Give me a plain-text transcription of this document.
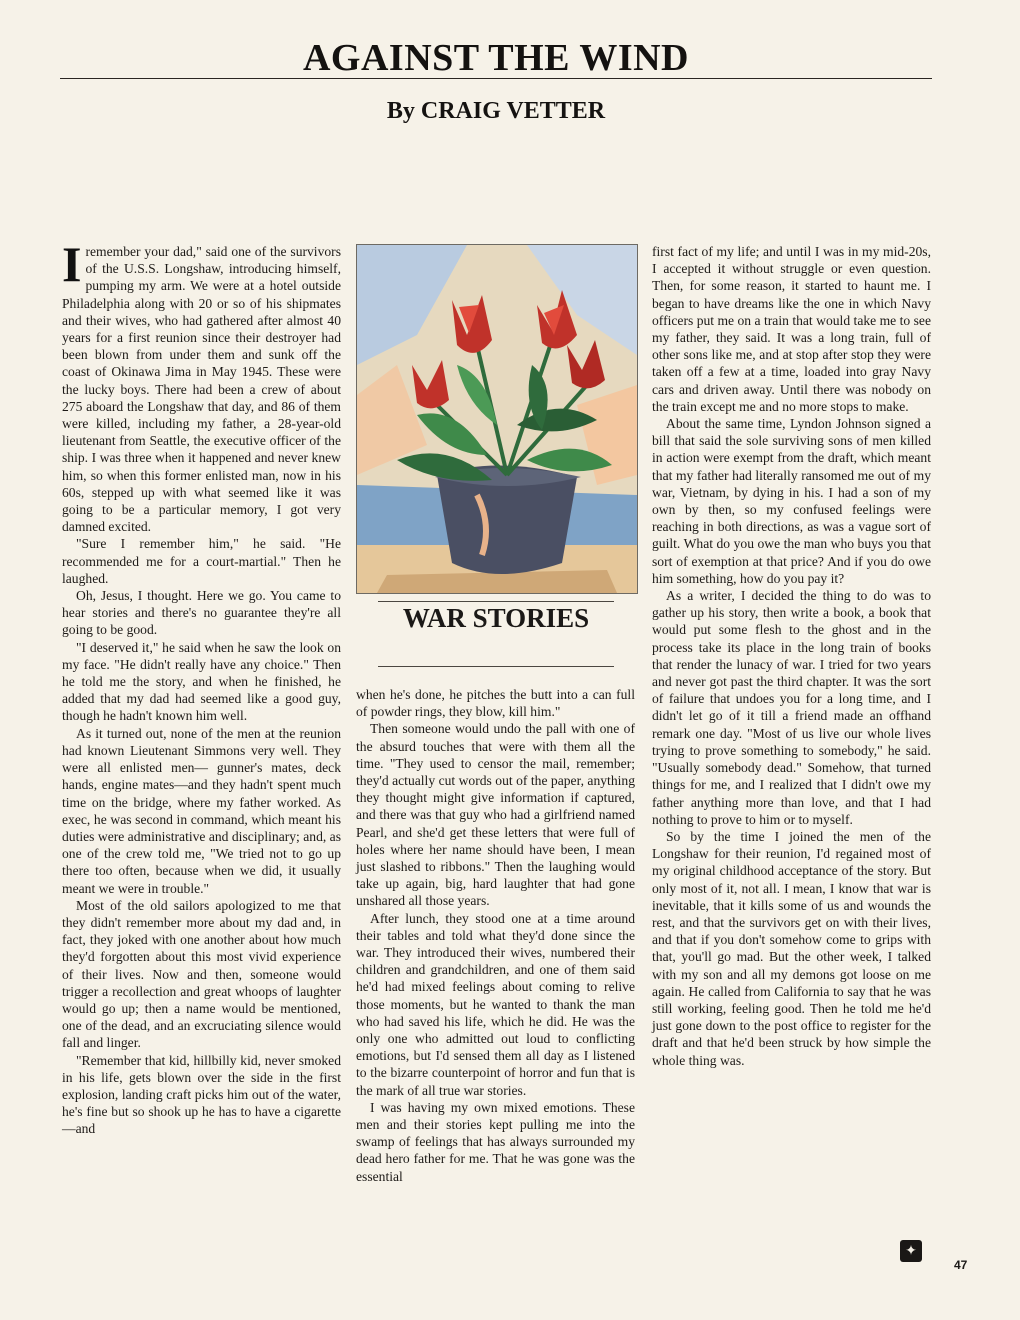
AGAINST THE WIND
By CRAIG VETTER

Iremember your dad," said one of the survivors of the U.S.S. Longshaw, introducing himself, pumping my arm. We were at a hotel outside Philadelphia along with 20 or so of his shipmates and their wives, who had gathered after almost 40 years for a first reunion since their destroyer had been blown from under them and sunk off the coast of Okinawa Jima in May 1945. These were the lucky boys. There had been a crew of about 275 aboard the Longshaw that day, and 86 of them were killed, including my father, a 28-year-old lieutenant from Seattle, the executive officer of the ship. I was three when it happened and never knew him, so when this former enlisted man, now in his 60s, stepped up with what seemed like it was going to be a particular memory, I got very damned excited.

"Sure I remember him," he said. "He recommended me for a court-martial." Then he laughed.

Oh, Jesus, I thought. Here we go. You came to hear stories and there's no guarantee they're all going to be good.

"I deserved it," he said when he saw the look on my face. "He didn't really have any choice." Then he told me the story, and when he finished, he added that my dad had seemed like a good guy, though he hadn't known him well.

As it turned out, none of the men at the reunion had known Lieutenant Simmons very well. They were all enlisted men— gunner's mates, deck hands, engine mates—and they hadn't spent much time on the bridge, where my father worked. As exec, he was second in command, which meant his duties were administrative and disciplinary; and, as one of the crew told me, "We tried not to go up there too often, because when we did, it usually meant we were in trouble."

Most of the old sailors apologized to me that they didn't remember more about my dad and, in fact, they joked with one another about how much they'd forgotten about this most vivid experience of their lives. Now and then, someone would trigger a recollection and great whoops of laughter would go up; then a name would be mentioned, one of the dead, and an excruciating silence would fall and linger.

"Remember that kid, hillbilly kid, never smoked in his life, gets blown over the side in the first explosion, landing craft picks him out of the water, he's fine but so shook up he has to have a cigarette—and

WAR STORIES

when he's done, he pitches the butt into a can full of powder rings, they blow, kill him."

Then someone would undo the pall with one of the absurd touches that were with them all the time. "They used to censor the mail, remember; they'd actually cut words out of the paper, anything they thought might give information if captured, and there was that guy who had a girlfriend named Pearl, and she'd get these letters that were full of holes where her name should have been, I mean just slashed to ribbons." Then the laughing would take up again, big, hard laughter that had gone unshared all those years.

After lunch, they stood one at a time around their tables and told what they'd done since the war. They introduced their wives, numbered their children and grandchildren, and one of them said he'd had mixed feelings about coming to relive those moments, but he wanted to thank the man who had saved his life, which he did. He was the only one who admitted out loud to conflicting emotions, but I'd sensed them all day as I listened to the bizarre counterpoint of horror and fun that is the mark of all true war stories.

I was having my own mixed emotions. These men and their stories kept pulling me into the swamp of feelings that has always surrounded my dead hero father for me. That he was gone was the essential

first fact of my life; and until I was in my mid-20s, I accepted it without struggle or even question. Then, for some reason, it started to haunt me. I began to have dreams like the one in which Navy officers put me on a train that would take me to see my father, they said. It was a long train, full of other sons like me, and at stop after stop they were taken off a few at a time, loaded into gray Navy cars and driven away. Until there was nobody on the train except me and no more stops to make.

About the same time, Lyndon Johnson signed a bill that said the sole surviving sons of men killed in action were exempt from the draft, which meant that my father had literally ransomed me out of my war, Vietnam, by dying in his. I had a son of my own by then, so my confused feelings were reaching in both directions, as was a vague sort of guilt. What do you owe the man who buys you that sort of exemption at that price? And if you do owe him something, how do you pay it?

As a writer, I decided the thing to do was to gather up his story, then write a book, a book that would put some flesh to the ghost and in the process take its place in the long train of books that render the lunacy of war. I tried for two years and never got past the third chapter. It was the sort of failure that undoes you for a long time, and I didn't let go of it till a friend made an offhand remark one day. "Most of us live our whole lives trying to prove something to somebody," he said. "Usually somebody dead." Somehow, that turned things for me, and I realized that I didn't owe my father anything more than love, and that I had nothing to prove to him or to myself.

So by the time I joined the men of the Longshaw for their reunion, I'd regained most of my original childhood acceptance of the story. But only most of it, not all. I mean, I know that war is inevitable, that it kills some of us and wounds the rest, and that the survivors get on with their lives, and that if you don't somehow come to grips with that, you'll go mad. But the other week, I talked with my son and all my demons got loose on me again. He called from California to say that he was still working, feeling good. Then he told me he'd just gone down to the post office to register for the draft and that he'd been struck by how simple the whole thing was.

✦
47
